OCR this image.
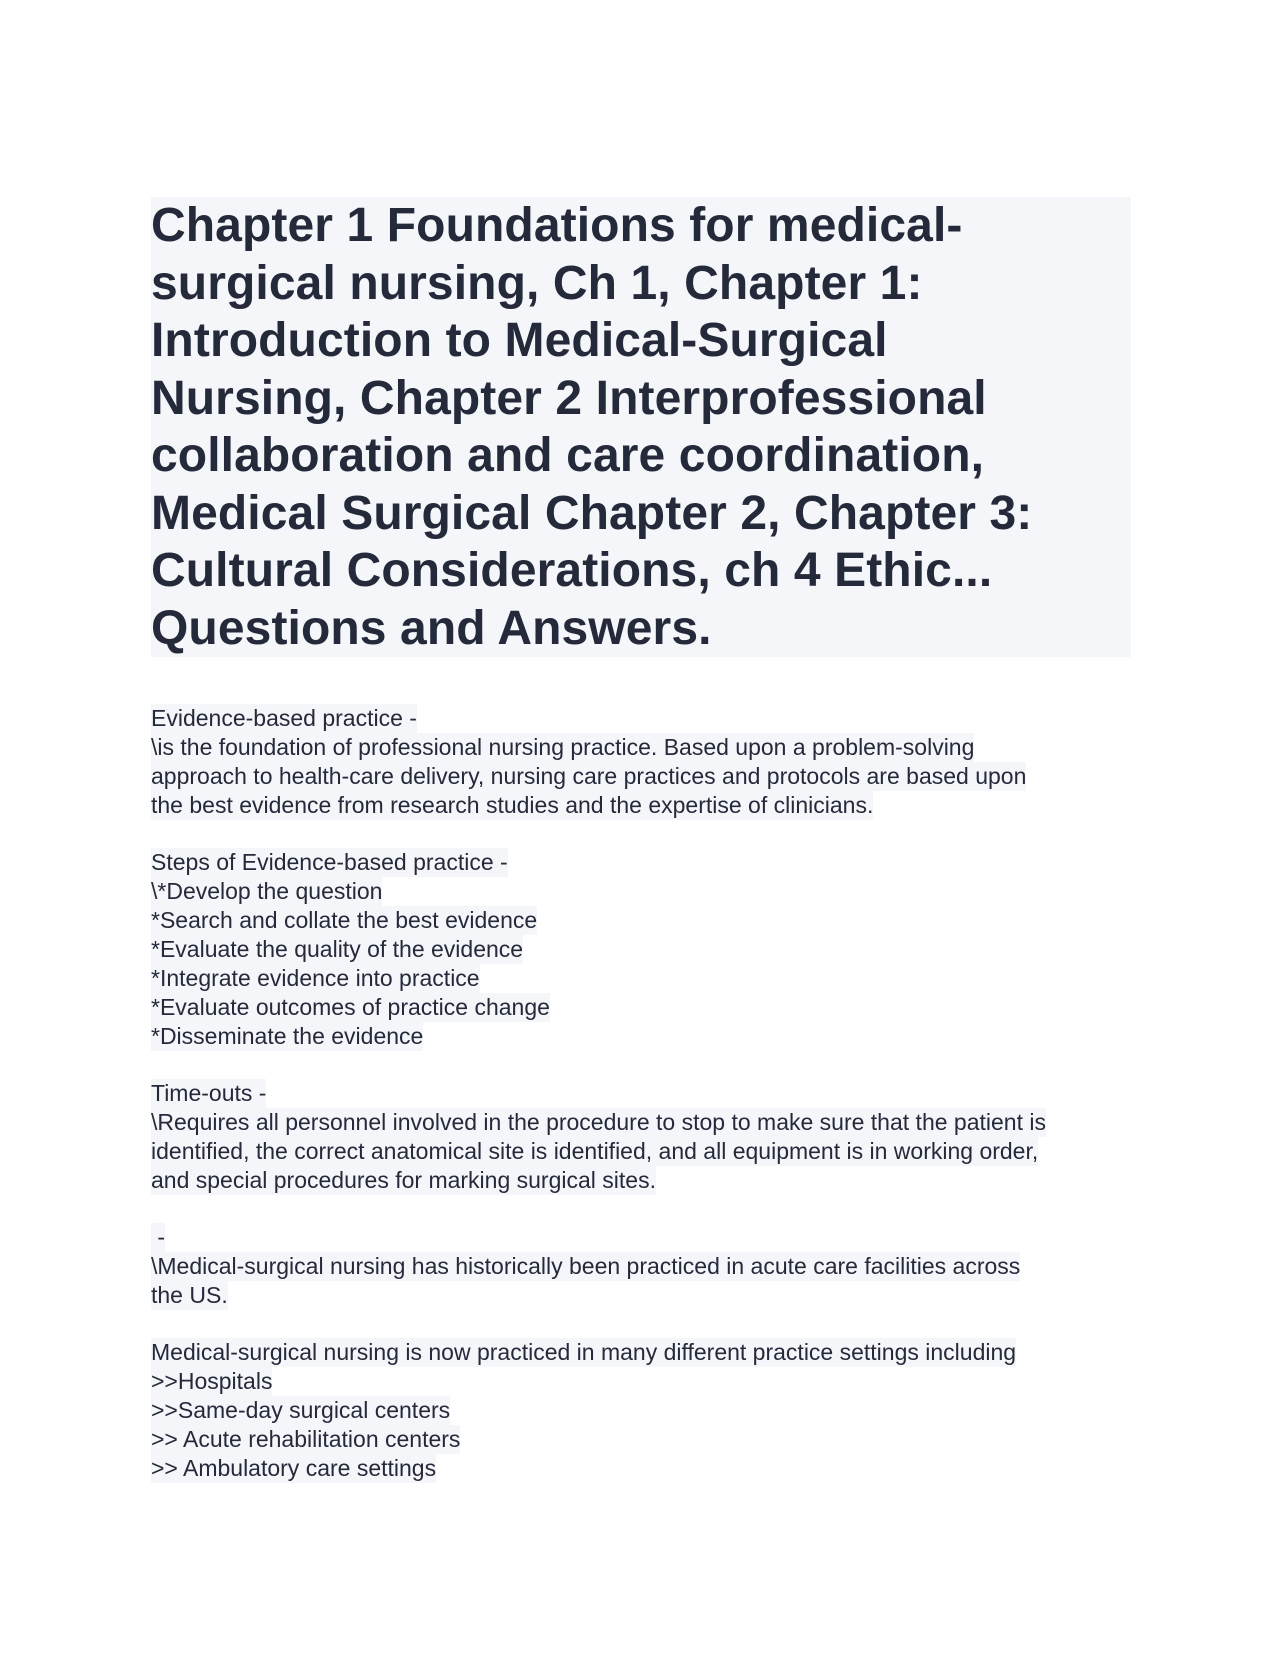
Chapter 1 Foundations for medical-
surgical nursing, Ch 1, Chapter 1:
Introduction to Medical-Surgical
Nursing, Chapter 2 Interprofessional
collaboration and care coordination,
Medical Surgical Chapter 2, Chapter 3:
Cultural Considerations, ch 4 Ethic...
Questions and Answers.
Evidence-based practice -
\is the foundation of professional nursing practice. Based upon a problem-solving
approach to health-care delivery, nursing care practices and protocols are based upon
the best evidence from research studies and the expertise of clinicians.
Steps of Evidence-based practice -
\*Develop the question
*Search and collate the best evidence
*Evaluate the quality of the evidence
*Integrate evidence into practice
*Evaluate outcomes of practice change
*Disseminate the evidence
Time-outs -
\Requires all personnel involved in the procedure to stop to make sure that the patient is
identified, the correct anatomical site is identified, and all equipment is in working order,
and special procedures for marking surgical sites.
-
\Medical-surgical nursing has historically been practiced in acute care facilities across
the US.
Medical-surgical nursing is now practiced in many different practice settings including
>>Hospitals
>>Same-day surgical centers
>> Acute rehabilitation centers
>> Ambulatory care settings
